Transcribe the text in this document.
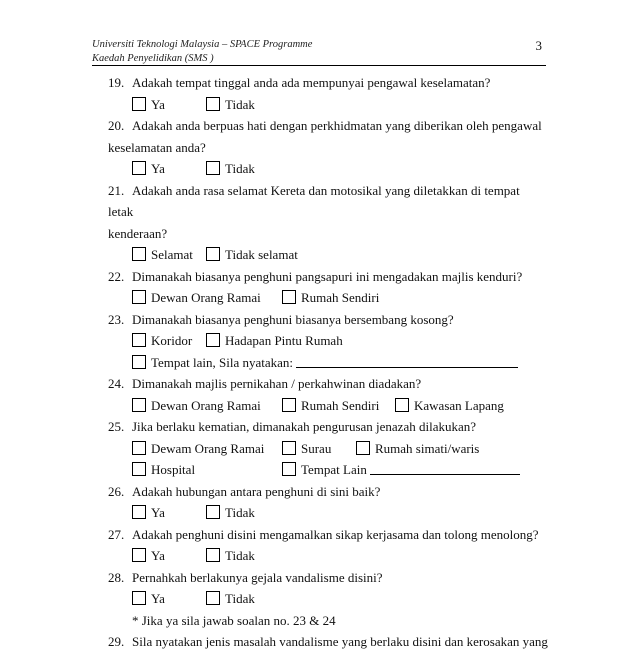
Universiti Teknologi Malaysia – SPACE Programme
Kaedah Penyelidikan (SMS )
3
19. Adakah tempat tinggal anda ada mempunyai pengawal keselamatan?
Ya	Tidak
20. Adakah anda berpuas hati dengan perkhidmatan yang diberikan oleh pengawal
keselamatan anda?
Ya	Tidak
21. Adakah anda rasa selamat Kereta dan motosikal yang diletakkan di tempat letak
kenderaan?
Selamat	Tidak selamat
22. Dimanakah biasanya penghuni pangsapuri ini mengadakan majlis kenduri?
Dewan Orang Ramai	Rumah Sendiri
23. Dimanakah biasanya penghuni biasanya bersembang kosong?
Koridor	Hadapan Pintu Rumah
Tempat lain, Sila nyatakan:
24. Dimanakah majlis pernikahan / perkahwinan diadakan?
Dewan Orang Ramai	Rumah Sendiri	Kawasan Lapang
25. Jika berlaku kematian, dimanakah pengurusan jenazah dilakukan?
Dewam Orang Ramai	Surau	Rumah simati/waris
Hospital	Tempat Lain
26. Adakah hubungan antara penghuni di sini baik?
Ya	Tidak
27. Adakah penghuni disini mengamalkan sikap kerjasama dan tolong menolong?
Ya	Tidak
28. Pernahkah berlakunya gejala vandalisme disini?
Ya	Tidak
* Jika ya sila jawab soalan no. 23 & 24
29. Sila nyatakan jenis masalah vandalisme yang berlaku disini dan kerosakan yang
